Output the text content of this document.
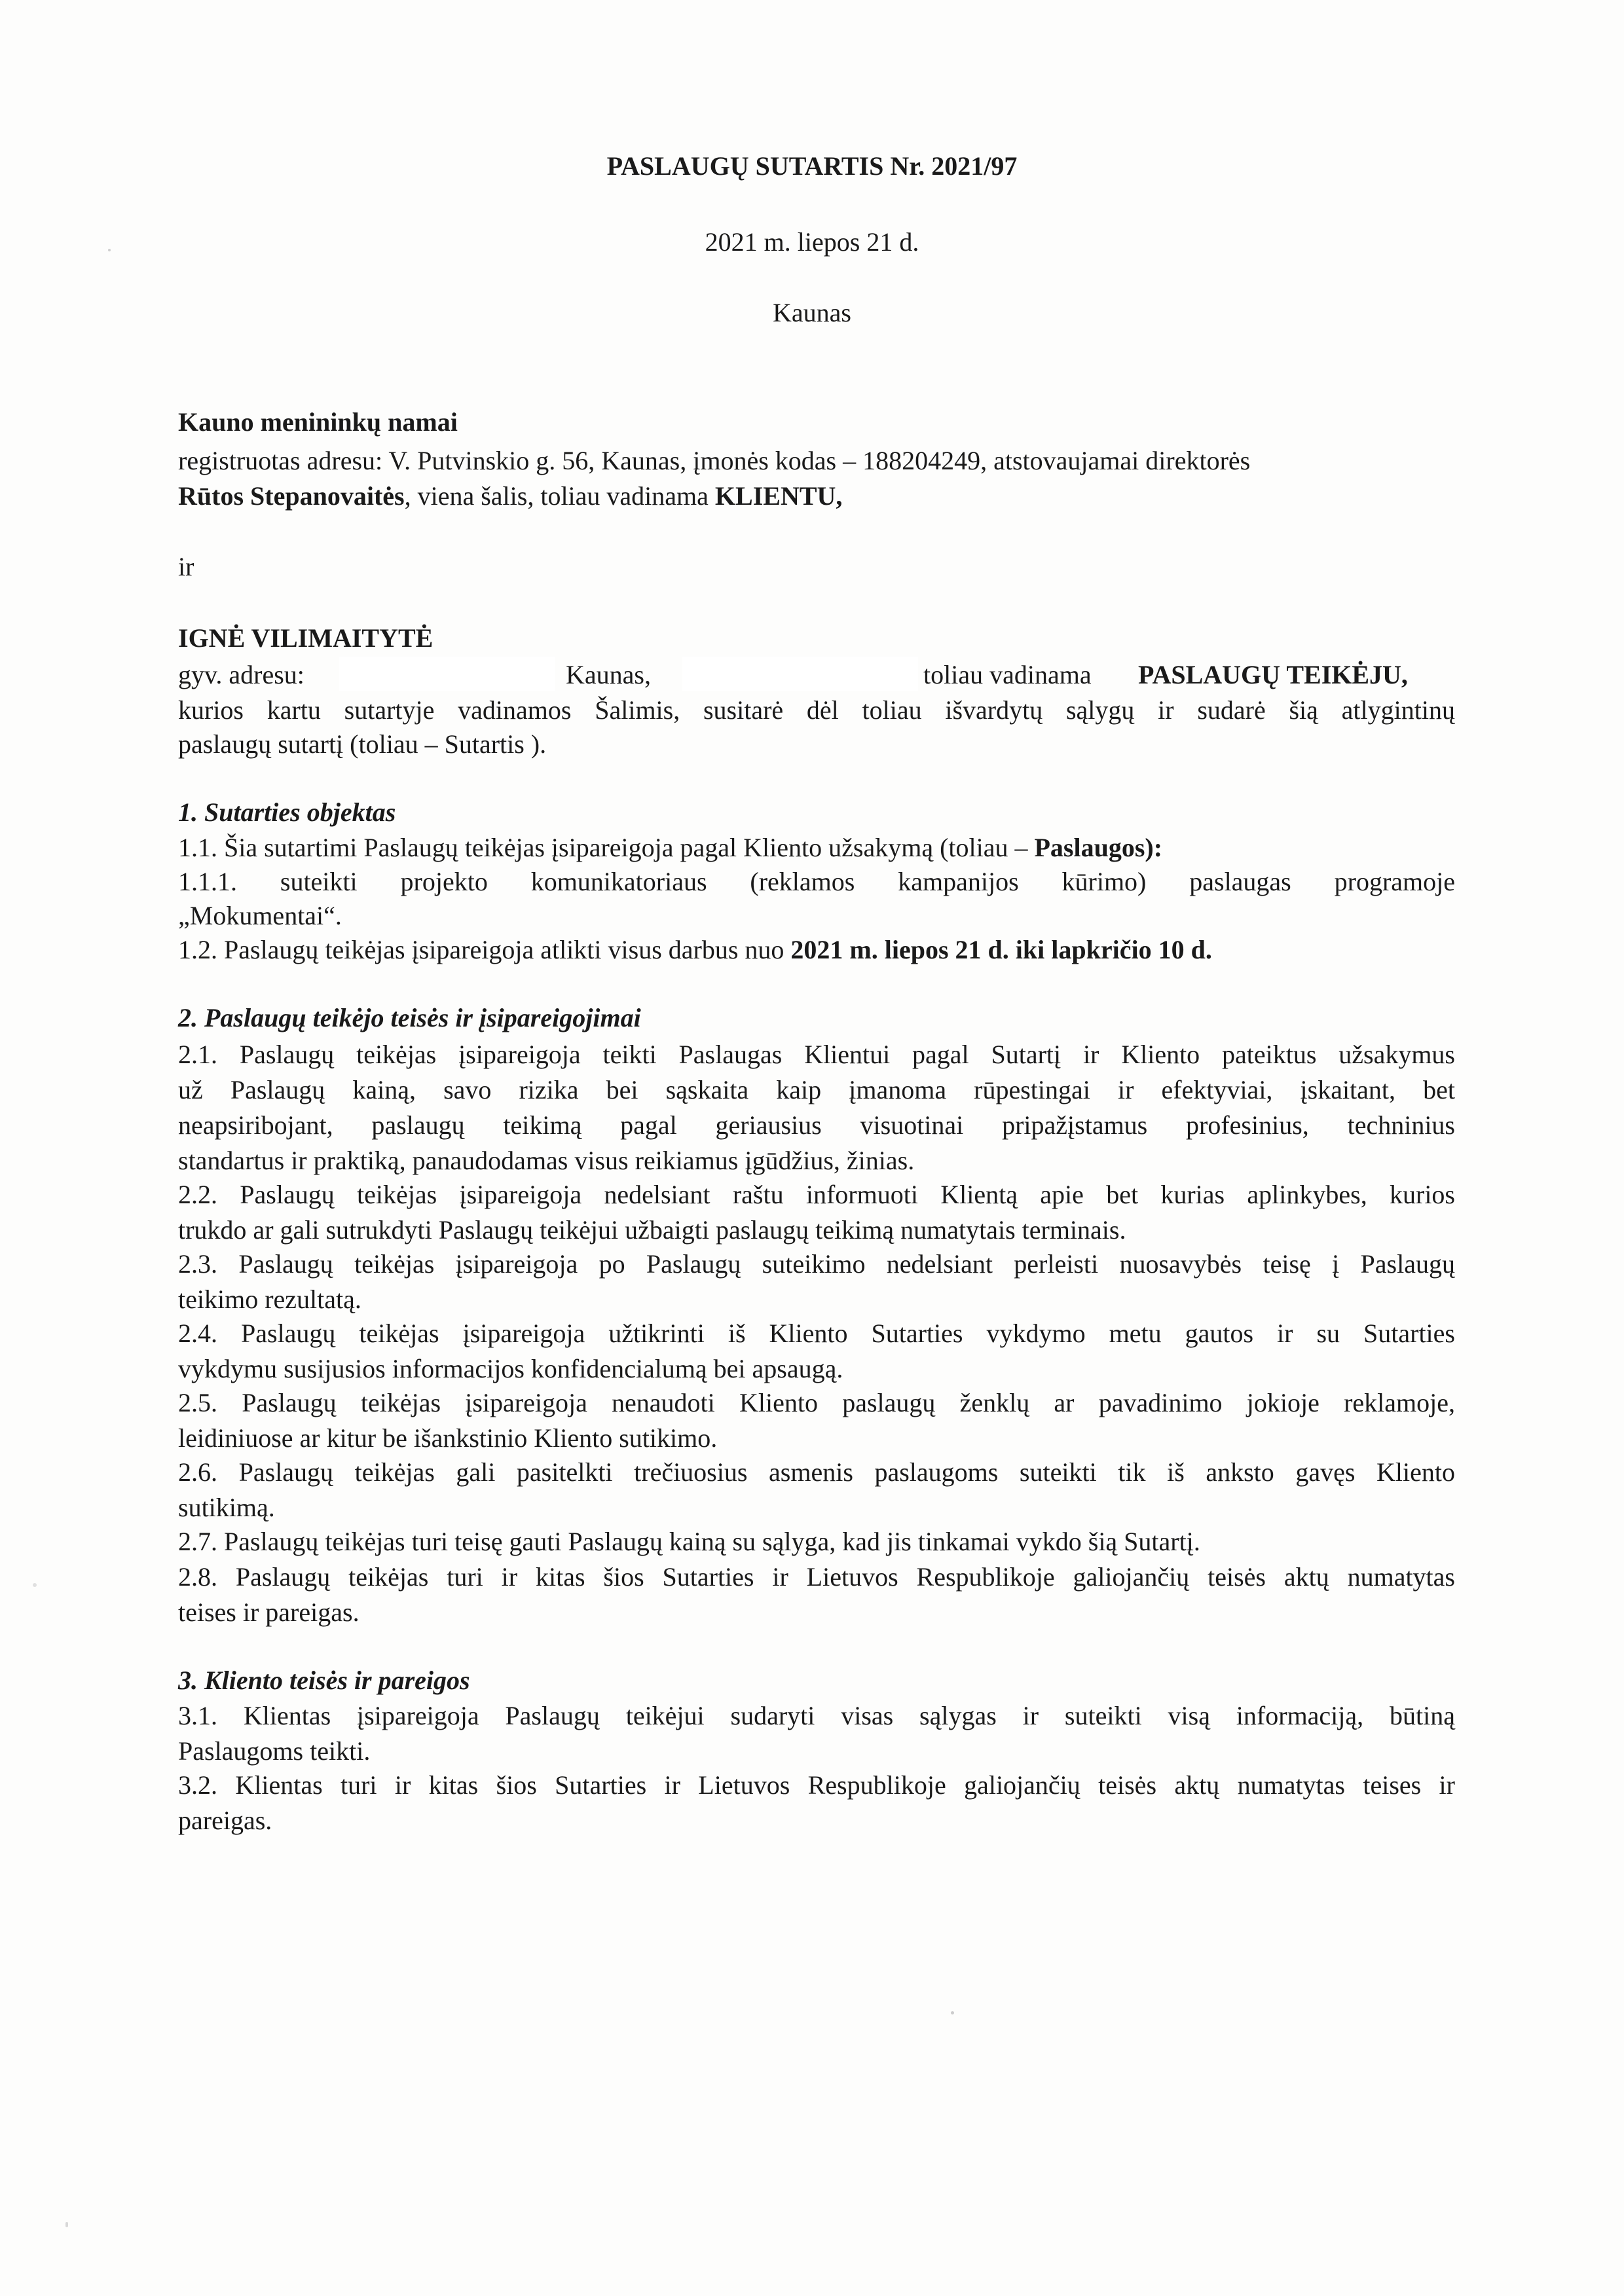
PASLAUGŲ SUTARTIS Nr. 2021/97
2021 m. liepos 21 d.
Kaunas
Kauno menininkų namai
registruotas adresu: V. Putvinskio g. 56, Kaunas, įmonės kodas – 188204249, atstovaujamai direktorės
Rūtos Stepanovaitės, viena šalis, toliau vadinama KLIENTU,
ir
IGNĖ VILIMAITYTĖ
gyv. adresu:	Kaunas,	toliau vadinama PASLAUGŲ TEIKĖJU,
kurios kartu sutartyje vadinamos Šalimis, susitarė dėl toliau išvardytų sąlygų ir sudarė šią atlygintinų
paslaugų sutartį (toliau – Sutartis ).
1. Sutarties objektas
1.1. Šia sutartimi Paslaugų teikėjas įsipareigoja pagal Kliento užsakymą (toliau – Paslaugos):
1.1.1. suteikti projekto komunikatoriaus (reklamos kampanijos kūrimo) paslaugas programoje
„Mokumentai“.
1.2. Paslaugų teikėjas įsipareigoja atlikti visus darbus nuo 2021 m. liepos 21 d. iki lapkričio 10 d.
2. Paslaugų teikėjo teisės ir įsipareigojimai
2.1. Paslaugų teikėjas įsipareigoja teikti Paslaugas Klientui pagal Sutartį ir Kliento pateiktus užsakymus
už Paslaugų kainą, savo rizika bei sąskaita kaip įmanoma rūpestingai ir efektyviai, įskaitant, bet
neapsiribojant, paslaugų teikimą pagal geriausius visuotinai pripažįstamus profesinius, techninius
standartus ir praktiką, panaudodamas visus reikiamus įgūdžius, žinias.
2.2. Paslaugų teikėjas įsipareigoja nedelsiant raštu informuoti Klientą apie bet kurias aplinkybes, kurios
trukdo ar gali sutrukdyti Paslaugų teikėjui užbaigti paslaugų teikimą numatytais terminais.
2.3. Paslaugų teikėjas įsipareigoja po Paslaugų suteikimo nedelsiant perleisti nuosavybės teisę į Paslaugų
teikimo rezultatą.
2.4. Paslaugų teikėjas įsipareigoja užtikrinti iš Kliento Sutarties vykdymo metu gautos ir su Sutarties
vykdymu susijusios informacijos konfidencialumą bei apsaugą.
2.5. Paslaugų teikėjas įsipareigoja nenaudoti Kliento paslaugų ženklų ar pavadinimo jokioje reklamoje,
leidiniuose ar kitur be išankstinio Kliento sutikimo.
2.6. Paslaugų teikėjas gali pasitelkti trečiuosius asmenis paslaugoms suteikti tik iš anksto gavęs Kliento
sutikimą.
2.7. Paslaugų teikėjas turi teisę gauti Paslaugų kainą su sąlyga, kad jis tinkamai vykdo šią Sutartį.
2.8. Paslaugų teikėjas turi ir kitas šios Sutarties ir Lietuvos Respublikoje galiojančių teisės aktų numatytas
teises ir pareigas.
3. Kliento teisės ir pareigos
3.1. Klientas įsipareigoja Paslaugų teikėjui sudaryti visas sąlygas ir suteikti visą informaciją, būtiną
Paslaugoms teikti.
3.2. Klientas turi ir kitas šios Sutarties ir Lietuvos Respublikoje galiojančių teisės aktų numatytas teises ir
pareigas.
